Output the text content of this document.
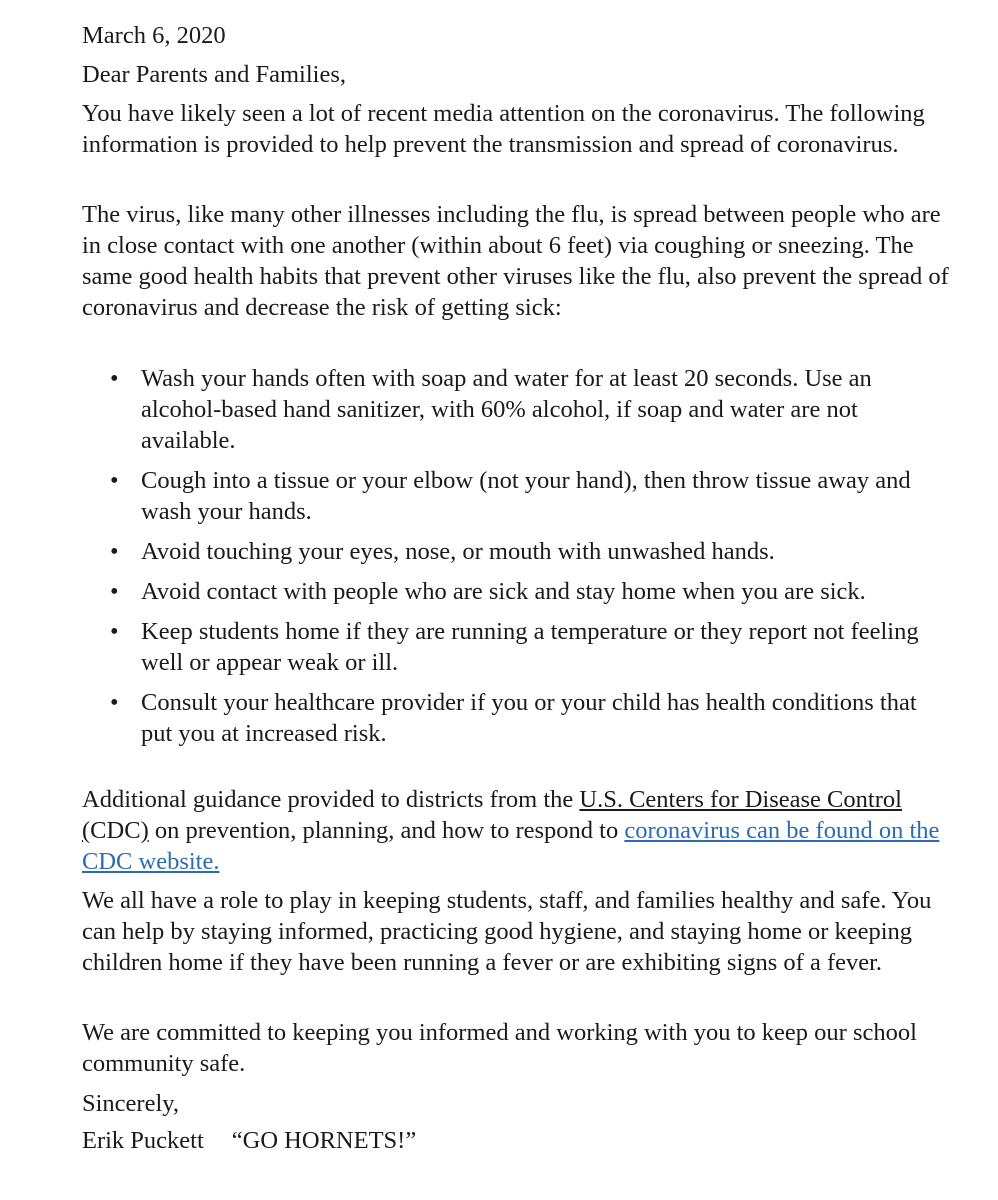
March 6, 2020

Dear Parents and Families,

You have likely seen a lot of recent media attention on the coronavirus. The following information is provided to help prevent the transmission and spread of coronavirus.

The virus, like many other illnesses including the flu, is spread between people who are in close contact with one another (within about 6 feet) via coughing or sneezing. The same good health habits that prevent other viruses like the flu, also prevent the spread of coronavirus and decrease the risk of getting sick:

• Wash your hands often with soap and water for at least 20 seconds. Use an alcohol-based hand sanitizer, with 60% alcohol, if soap and water are not available.
• Cough into a tissue or your elbow (not your hand), then throw tissue away and wash your hands.
• Avoid touching your eyes, nose, or mouth with unwashed hands.
• Avoid contact with people who are sick and stay home when you are sick.
• Keep students home if they are running a temperature or they report not feeling well or appear weak or ill.
• Consult your healthcare provider if you or your child has health conditions that put you at increased risk.

Additional guidance provided to districts from the U.S. Centers for Disease Control (CDC) on prevention, planning, and how to respond to coronavirus can be found on the CDC website.

We all have a role to play in keeping students, staff, and families healthy and safe. You can help by staying informed, practicing good hygiene, and staying home or keeping children home if they have been running a fever or are exhibiting signs of a fever.

We are committed to keeping you informed and working with you to keep our school community safe.

Sincerely,

Erik Puckett “GO HORNETS!”
